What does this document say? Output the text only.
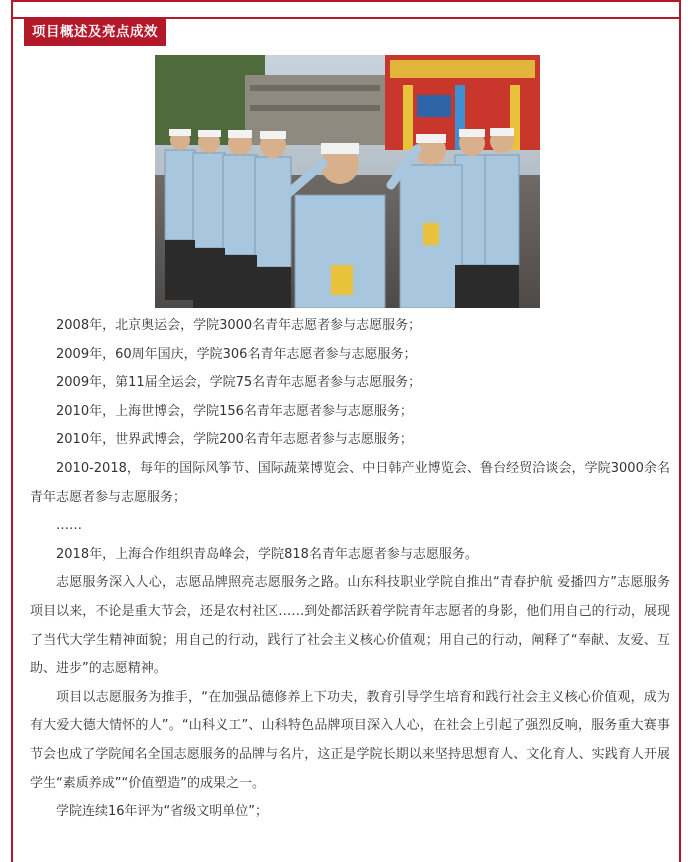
项目概述及亮点成效

2008年，北京奥运会，学院3000名青年志愿者参与志愿服务；

2009年，60周年国庆，学院306名青年志愿者参与志愿服务；

2009年，第11届全运会，学院75名青年志愿者参与志愿服务；

2010年，上海世博会，学院156名青年志愿者参与志愿服务；

2010年，世界武博会，学院200名青年志愿者参与志愿服务；

2010-2018，每年的国际风筝节、国际蔬菜博览会、中日韩产业博览会、鲁台经贸洽谈会，学院3000余名青年志愿者参与志愿服务；

……

2018年，上海合作组织青岛峰会，学院818名青年志愿者参与志愿服务。

志愿服务深入人心，志愿品牌照亮志愿服务之路。山东科技职业学院自推出“青春护航 爱播四方”志愿服务项目以来，不论是重大节会，还是农村社区……到处都活跃着学院青年志愿者的身影，他们用自己的行动，展现了当代大学生精神面貌；用自己的行动，践行了社会主义核心价值观；用自己的行动，阐释了“奉献、友爱、互助、进步”的志愿精神。

项目以志愿服务为推手，“在加强品德修养上下功夫，教育引导学生培育和践行社会主义核心价值观，成为有大爱大德大情怀的人”。“山科义工”、山科特色品牌项目深入人心，在社会上引起了强烈反响，服务重大赛事节会也成了学院闻名全国志愿服务的品牌与名片，这正是学院长期以来坚持思想育人、文化育人、实践育人开展学生“素质养成”“价值塑造”的成果之一。

学院连续16年评为“省级文明单位”；
